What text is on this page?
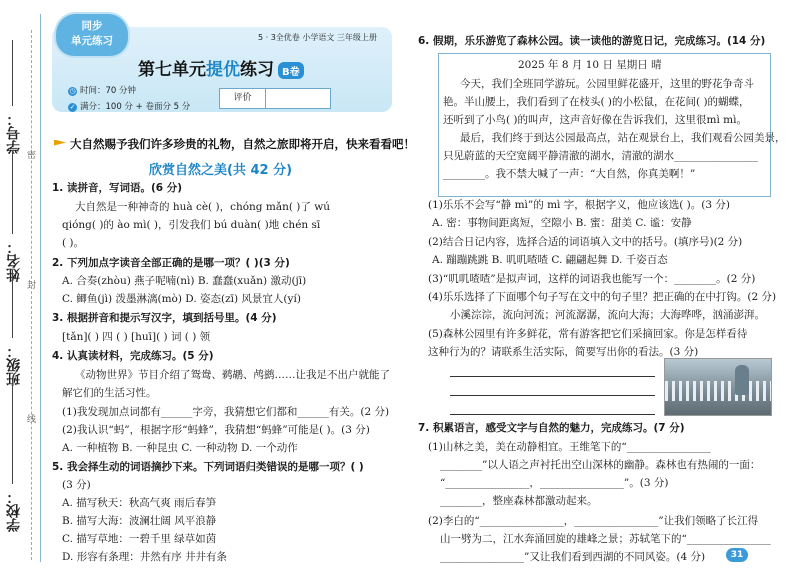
学号：
姓名：
班级：
学校：
密
封
线
同步
单元练习	5 · 3全优卷 小学语文 三年级上册
第七单元提优练习 B卷
◷ 时间：70 分钟
✓ 满分：100 分 + 卷面分 5 分
评价
大自然赐予我们许多珍贵的礼物，自然之旅即将开启，快来看看吧！
欣赏自然之美(共 42 分)
1. 读拼音，写词语。(6 分)
大自然是一种神奇的 huà cè( )，chóng mǎn( )了 wú
qióng( )的 ào mì( )，引发我们 bú duàn( )地 chén sī
( )。
2. 下列加点字读音全部正确的是哪一项？( )(3 分)
A. 合奏(zhòu) 燕子呢喃(nì) B. 蠢蠢(xuǎn) 激动(jī)
C. 鲫鱼(jì) 泼墨淋漓(mò) D. 姿态(zī) 风景宜人(yí)
3. 根据拼音和提示写汉字，填到括号里。(4 分)
[tǎn]( ) 四 ( ) [huī]( ) 词 ( ) 领
4. 认真读材料，完成练习。(5 分)
《动物世界》节目介绍了鸳鸯、鹈鹕、鸬鹚……让我足不出户就能了
解它们的生活习性。
(1)我发现加点词都有______字旁，我猜想它们都和______有关。(2 分)
(2)我认识“蚂”，根据字形“蚂蜂”，我猜想“蚂蜂”可能是( )。(3 分)
A. 一种植物 B. 一种昆虫 C. 一种动物 D. 一个动作
5. 我会择生动的词语摘抄下来。下列词语归类错误的是哪一项？( )
(3 分)
A. 描写秋天：秋高气爽 雨后春笋
B. 描写大海：波澜壮阔 风平浪静
C. 描写草地：一碧千里 绿草如茵
D. 形容有条理：井然有序 井井有条
6. 假期，乐乐游览了森林公园。读一读他的游览日记，完成练习。(14 分)
2025 年 8 月 10 日 星期日 晴
今天，我们全班同学游玩。公园里鲜花盛开，这里的野花争奇斗
艳。半山腰上，我们看到了在枝头( )的小松鼠，在花间( )的蝴蝶，
还听到了小鸟( )的叫声，这声音好像在告诉我们，这里很mì mì。
最后，我们终于到达公园最高点，站在观景台上，我们观看公园美景，
只见蔚蓝的天空宽阔平静清澈的湖水，清澈的湖水________________
________。我不禁大喊了一声：“大自然，你真美啊！”
(1)乐乐不会写“静 mì”的 mì 字，根据字义，他应该选( )。(3 分)
A. 密：事物间距离短，空隙小 B. 蜜：甜美 C. 谧：安静
(2)结合日记内容，选择合适的词语填入文中的括号。(填序号)(2 分)
A. 蹦蹦跳跳 B. 叽叽喳喳 C. 翩翩起舞 D. 千姿百态
(3)“叽叽喳喳”是拟声词，这样的词语我也能写一个：________。(2 分)
(4)乐乐选择了下面哪个句子写在文中的句子里？把正确的在中打钩。(2 分)
小溪淙淙，流向河流；河流潺潺，流向大海；大海哗哗，汹涌澎湃。
(5)森林公园里有许多鲜花，常有游客把它们采摘回家。你是怎样看待
这种行为的？请联系生活实际，简要写出你的看法。(3 分)
7. 积累语言，感受文字与自然的魅力，完成练习。(7 分)
(1)山林之美，美在动静相宜。王维笔下的“________________
________”以人语之声衬托出空山深林的幽静。森林也有热闹的一面：
“________________，________________”。(3 分)
________，整座森林都激动起来。
(2)李白的“________________，________________”让我们领略了长江得
山一劈为二，江水奔涌回旋的雄峰之景；苏轼笔下的“________________
________________”又让我们看到西湖的不同风姿。(4 分)	31
